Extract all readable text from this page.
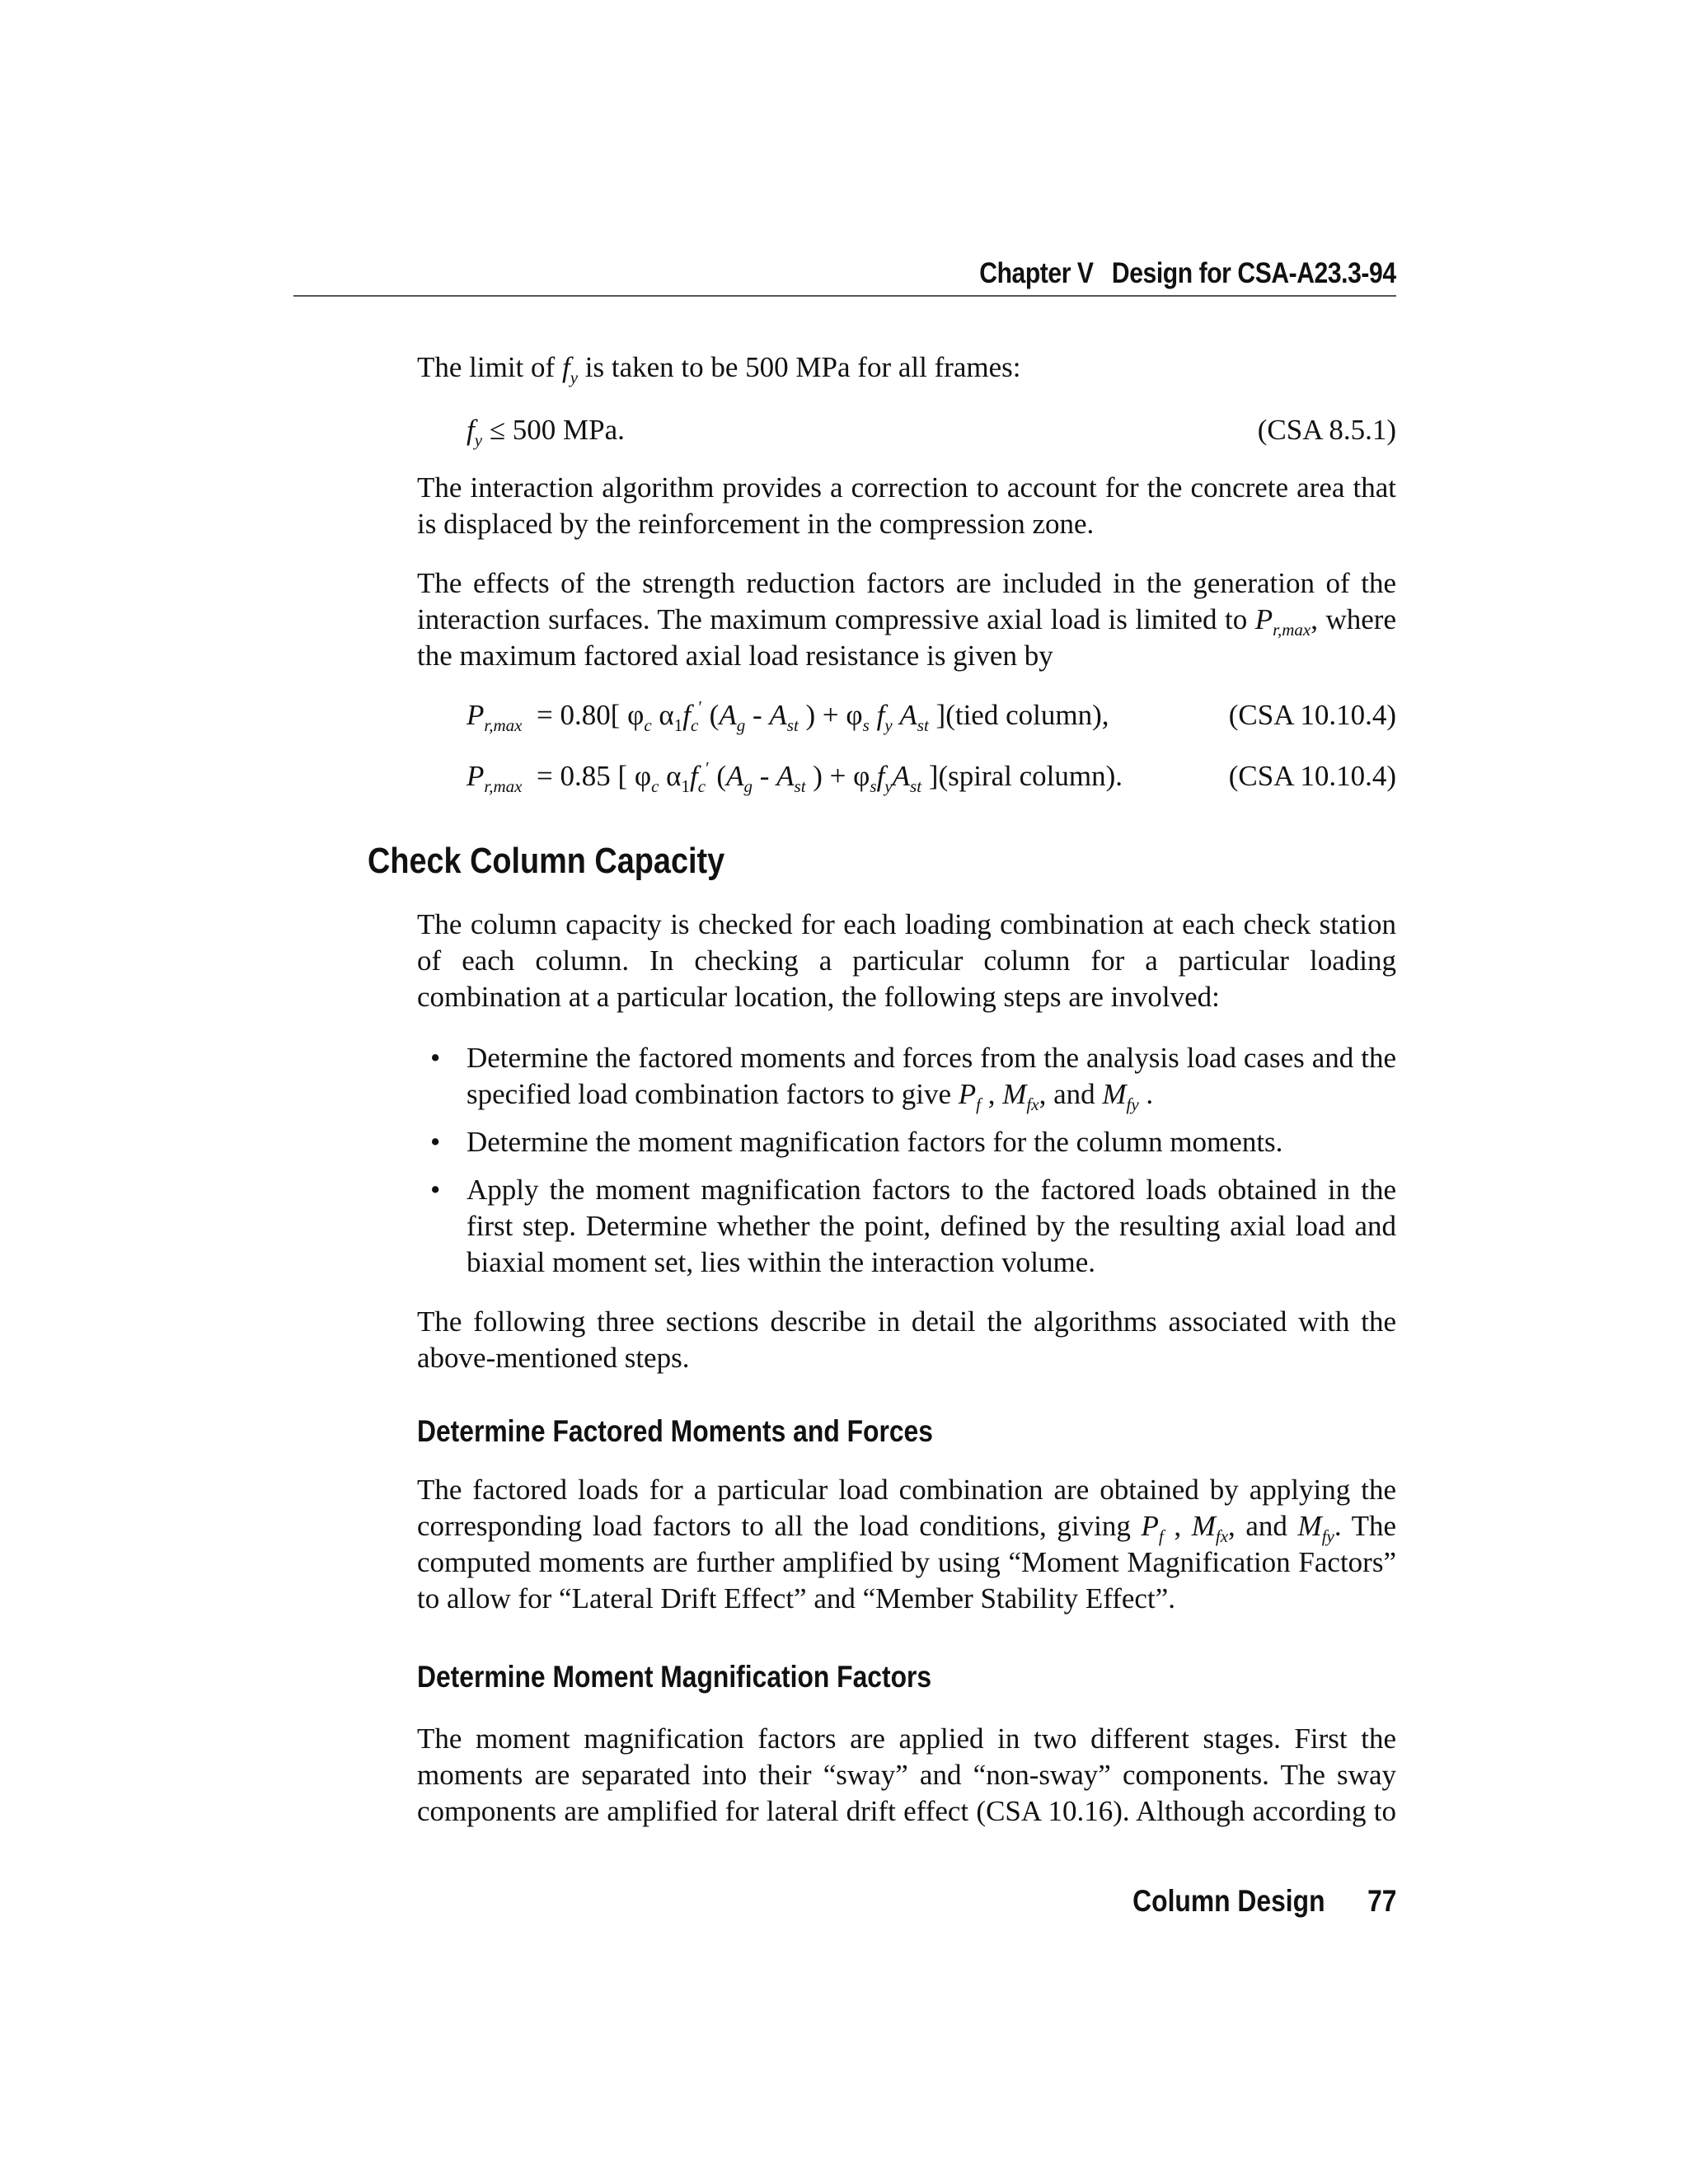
Chapter V Design for CSA-A23.3-94
The limit of $f_y$ is taken to be 500 MPa for all frames:
$f_y \le 500$ MPa.	(CSA 8.5.1)
The interaction algorithm provides a correction to account for the concrete area that is displaced by the reinforcement in the compression zone.
The effects of the strength reduction factors are included in the generation of the interaction surfaces. The maximum compressive axial load is limited to $P_{r,max}$, where the maximum factored axial load resistance is given by
$P_{r,max} = 0.80$[ $\varphi_c$ $\alpha_1f_c'$ ($A_g - A_{st}$ ) + $\varphi_s$ $f_y$ $A_{st}$ ](tied column),	(CSA 10.10.4)
$P_{r,max} = 0.85$ [ $\varphi_c$ $\alpha_1f_c'$ ($A_g - A_{st}$ ) + $\varphi_sf_yA_{st}$ ](spiral column).	(CSA 10.10.4)
Check Column Capacity
The column capacity is checked for each loading combination at each check station of each column. In checking a particular column for a particular loading combination at a particular location, the following steps are involved:
• Determine the factored moments and forces from the analysis load cases and the specified load combination factors to give $P_f$ , $M_{fx}$, and $M_{fy}$ .
• Determine the moment magnification factors for the column moments.
• Apply the moment magnification factors to the factored loads obtained in the first step. Determine whether the point, defined by the resulting axial load and biaxial moment set, lies within the interaction volume.
The following three sections describe in detail the algorithms associated with the above-mentioned steps.
Determine Factored Moments and Forces
The factored loads for a particular load combination are obtained by applying the corresponding load factors to all the load conditions, giving $P_f$ , $M_{fx}$, and $M_{fy}$. The computed moments are further amplified by using “Moment Magnification Factors” to allow for “Lateral Drift Effect” and “Member Stability Effect”.
Determine Moment Magnification Factors
The moment magnification factors are applied in two different stages. First the moments are separated into their “sway” and “non-sway” components. The sway components are amplified for lateral drift effect (CSA 10.16). Although according to
Column Design 77
